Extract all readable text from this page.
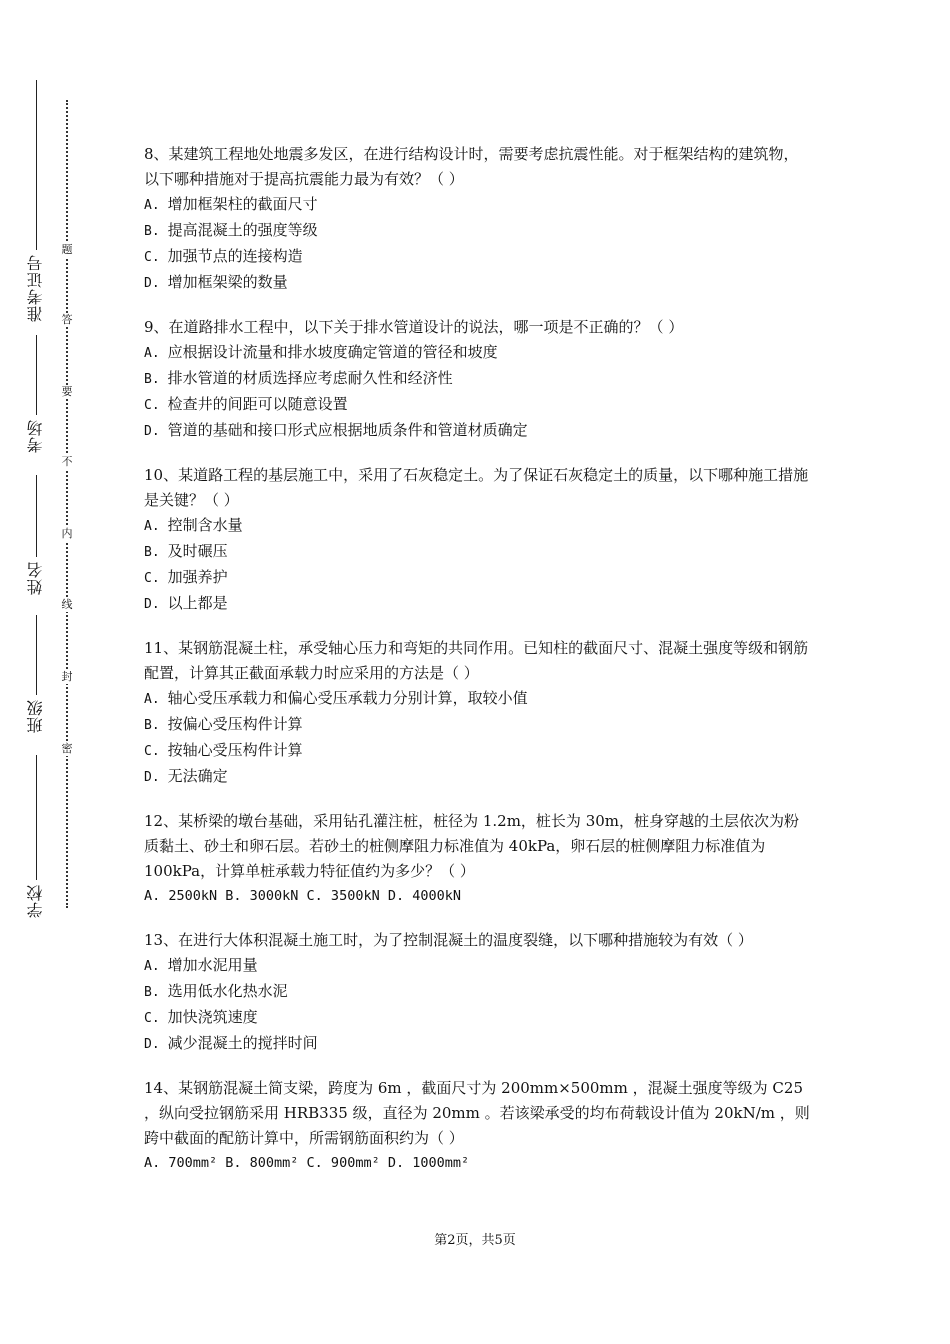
准考证号
考场
姓名
班级
学校
题
答
要
不
内
线
封
密

8、某建筑工程地处地震多发区，在进行结构设计时，需要考虑抗震性能。对于框架结构的建筑物，以下哪种措施对于提高抗震能力最为有效？（ ）

A. 增加框架柱的截面尺寸

B. 提高混凝土的强度等级

C. 加强节点的连接构造

D. 增加框架梁的数量

9、在道路排水工程中，以下关于排水管道设计的说法，哪一项是不正确的？（ ）

A. 应根据设计流量和排水坡度确定管道的管径和坡度

B. 排水管道的材质选择应考虑耐久性和经济性

C. 检查井的间距可以随意设置

D. 管道的基础和接口形式应根据地质条件和管道材质确定

10、某道路工程的基层施工中，采用了石灰稳定土。为了保证石灰稳定土的质量，以下哪种施工措施是关键？（ ）

A. 控制含水量

B. 及时碾压

C. 加强养护

D. 以上都是

11、某钢筋混凝土柱，承受轴心压力和弯矩的共同作用。已知柱的截面尺寸、混凝土强度等级和钢筋配置，计算其正截面承载力时应采用的方法是（ ）

A. 轴心受压承载力和偏心受压承载力分别计算，取较小值

B. 按偏心受压构件计算

C. 按轴心受压构件计算

D. 无法确定

12、某桥梁的墩台基础，采用钻孔灌注桩，桩径为 1.2m，桩长为 30m，桩身穿越的土层依次为粉质黏土、砂土和卵石层。若砂土的桩侧摩阻力标准值为 40kPa，卵石层的桩侧摩阻力标准值为 100kPa，计算单桩承载力特征值约为多少？（ ）

A. 2500kN B. 3000kN C. 3500kN D. 4000kN

13、在进行大体积混凝土施工时，为了控制混凝土的温度裂缝，以下哪种措施较为有效（ ）

A. 增加水泥用量

B. 选用低水化热水泥

C. 加快浇筑速度

D. 减少混凝土的搅拌时间

14、某钢筋混凝土简支梁，跨度为 6m ，截面尺寸为 200mm×500mm ，混凝土强度等级为 C25 ，纵向受拉钢筋采用 HRB335 级，直径为 20mm 。若该梁承受的均布荷载设计值为 20kN/m ，则跨中截面的配筋计算中，所需钢筋面积约为（ ）

A. 700mm² B. 800mm² C. 900mm² D. 1000mm²

第2页，共5页
